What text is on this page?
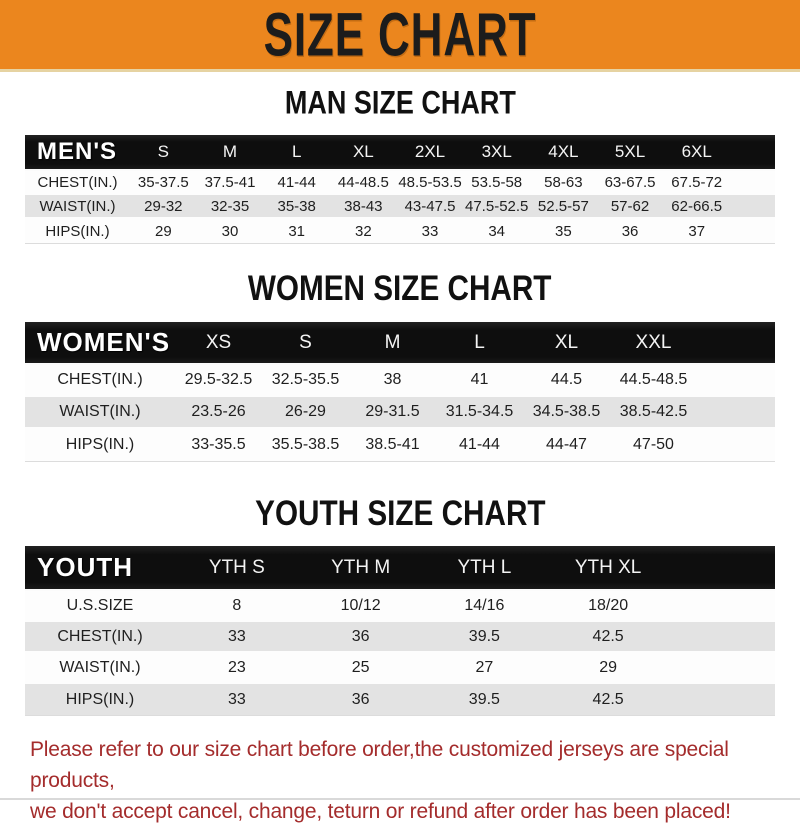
SIZE CHART
MAN SIZE CHART
MEN'S	S	M	L	XL	2XL	3XL	4XL	5XL	6XL
CHEST(IN.)	35-37.5	37.5-41	41-44	44-48.5 48.5-53.5 53.5-58	58-63	63-67.5	67.5-72
WAIST(IN.)	29-32	32-35	35-38	38-43	43-47.5 47.5-52.5 52.5-57	57-62	62-66.5
HIPS(IN.)	29	30	31	32	33	34	35	36	37
WOMEN SIZE CHART
WOMEN'S	XS	S	M	L	XL	XXL
CHEST(IN.)	29.5-32.5	32.5-35.5	38	41	44.5	44.5-48.5
WAIST(IN.)	23.5-26	26-29	29-31.5	31.5-34.5	34.5-38.5	38.5-42.5
HIPS(IN.)	33-35.5	35.5-38.5	38.5-41	41-44	44-47	47-50
YOUTH SIZE CHART
YOUTH	YTH S	YTH M	YTH L	YTH XL
U.S.SIZE	8	10/12	14/16	18/20
CHEST(IN.)	33	36	39.5	42.5
WAIST(IN.)	23	25	27	29
HIPS(IN.)	33	36	39.5	42.5
Please refer to our size chart before order,the customized jerseys are special products,
we don't accept cancel, change, teturn or refund after order has been placed!
